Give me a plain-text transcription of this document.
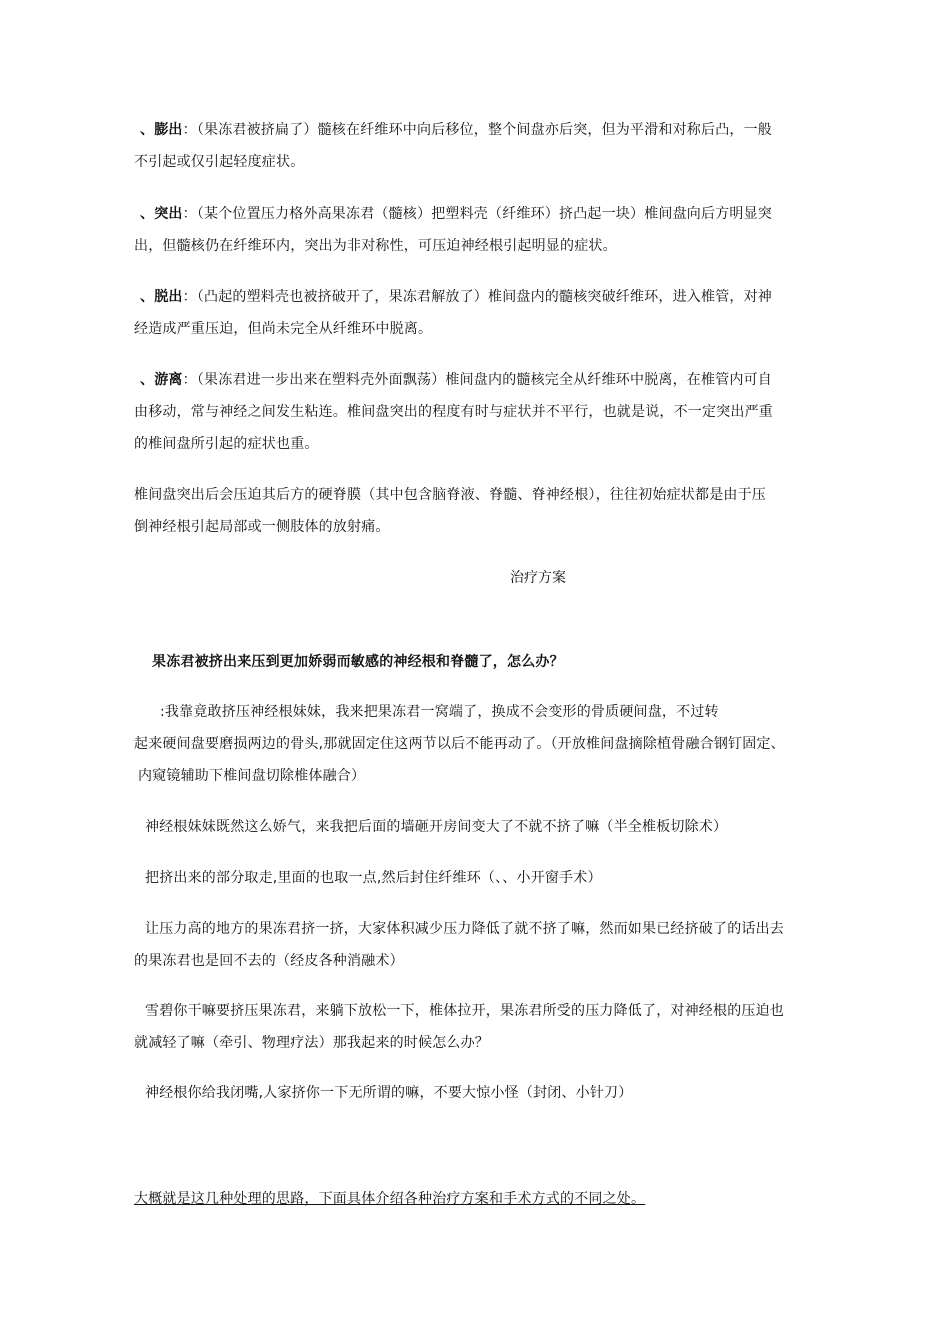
、膨出：（果冻君被挤扁了）髓核在纤维环中向后移位，整个间盘亦后突，但为平滑和对称后凸，一般
不引起或仅引起轻度症状。
、突出：（某个位置压力格外高果冻君（髓核）把塑料壳（纤维环）挤凸起一块）椎间盘向后方明显突
出，但髓核仍在纤维环内，突出为非对称性，可压迫神经根引起明显的症状。
、脱出：（凸起的塑料壳也被挤破开了，果冻君解放了）椎间盘内的髓核突破纤维环，进入椎管，对神
经造成严重压迫，但尚未完全从纤维环中脱离。
、游离：（果冻君进一步出来在塑料壳外面飘荡）椎间盘内的髓核完全从纤维环中脱离，在椎管内可自
由移动，常与神经之间发生粘连。椎间盘突出的程度有时与症状并不平行，也就是说，不一定突出严重
的椎间盘所引起的症状也重。
椎间盘突出后会压迫其后方的硬脊膜（其中包含脑脊液、脊髓、脊神经根），往往初始症状都是由于压
倒神经根引起局部或一侧肢体的放射痛。
治疗方案
果冻君被挤出来压到更加娇弱而敏感的神经根和脊髓了，怎么办？
:我靠竟敢挤压神经根妹妹，我来把果冻君一窝端了，换成不会变形的骨质硬间盘，不过转
起来硬间盘要磨损两边的骨头,那就固定住这两节以后不能再动了。（开放椎间盘摘除植骨融合钢钉固定、
内窥镜辅助下椎间盘切除椎体融合）
神经根妹妹既然这么娇气，来我把后面的墙砸开房间变大了不就不挤了嘛（半全椎板切除术）
把挤出来的部分取走,里面的也取一点,然后封住纤维环（、、小开窗手术）
让压力高的地方的果冻君挤一挤，大家体积减少压力降低了就不挤了嘛，然而如果已经挤破了的话出去
的果冻君也是回不去的（经皮各种消融术）
雪碧你干嘛要挤压果冻君，来躺下放松一下，椎体拉开，果冻君所受的压力降低了，对神经根的压迫也
就减轻了嘛（牵引、物理疗法）那我起来的时候怎么办？
神经根你给我闭嘴,人家挤你一下无所谓的嘛，不要大惊小怪（封闭、小针刀）
大概就是这几种处理的思路，下面具体介绍各种治疗方案和手术方式的不同之处。
